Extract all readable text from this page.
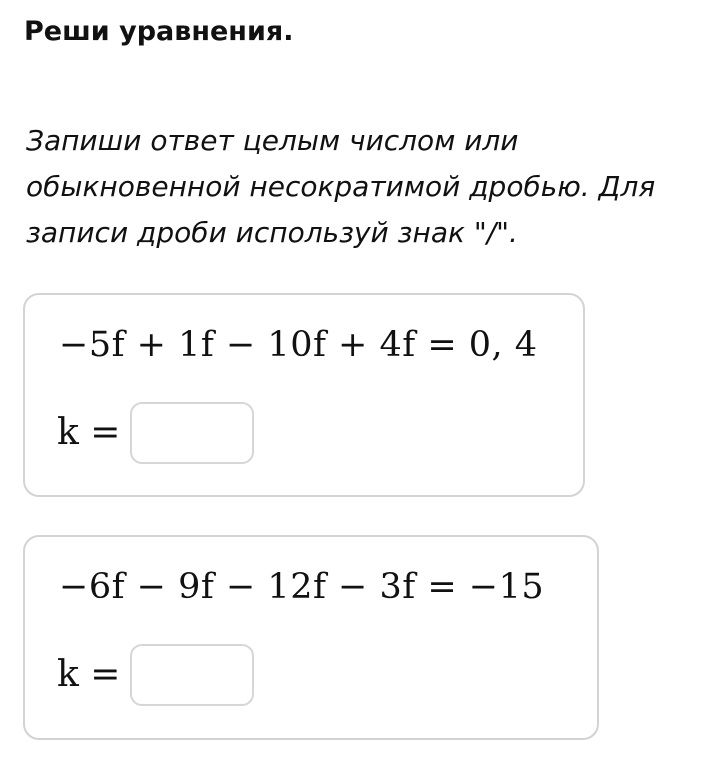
Реши уравнения.

Запиши ответ целым числом или
обыкновенной несократимой дробью. Для
записи дроби используй знак "/".

−5f + 1f − 10f + 4f = 0, 4
k =
−6f − 9f − 12f − 3f = −15
k =
